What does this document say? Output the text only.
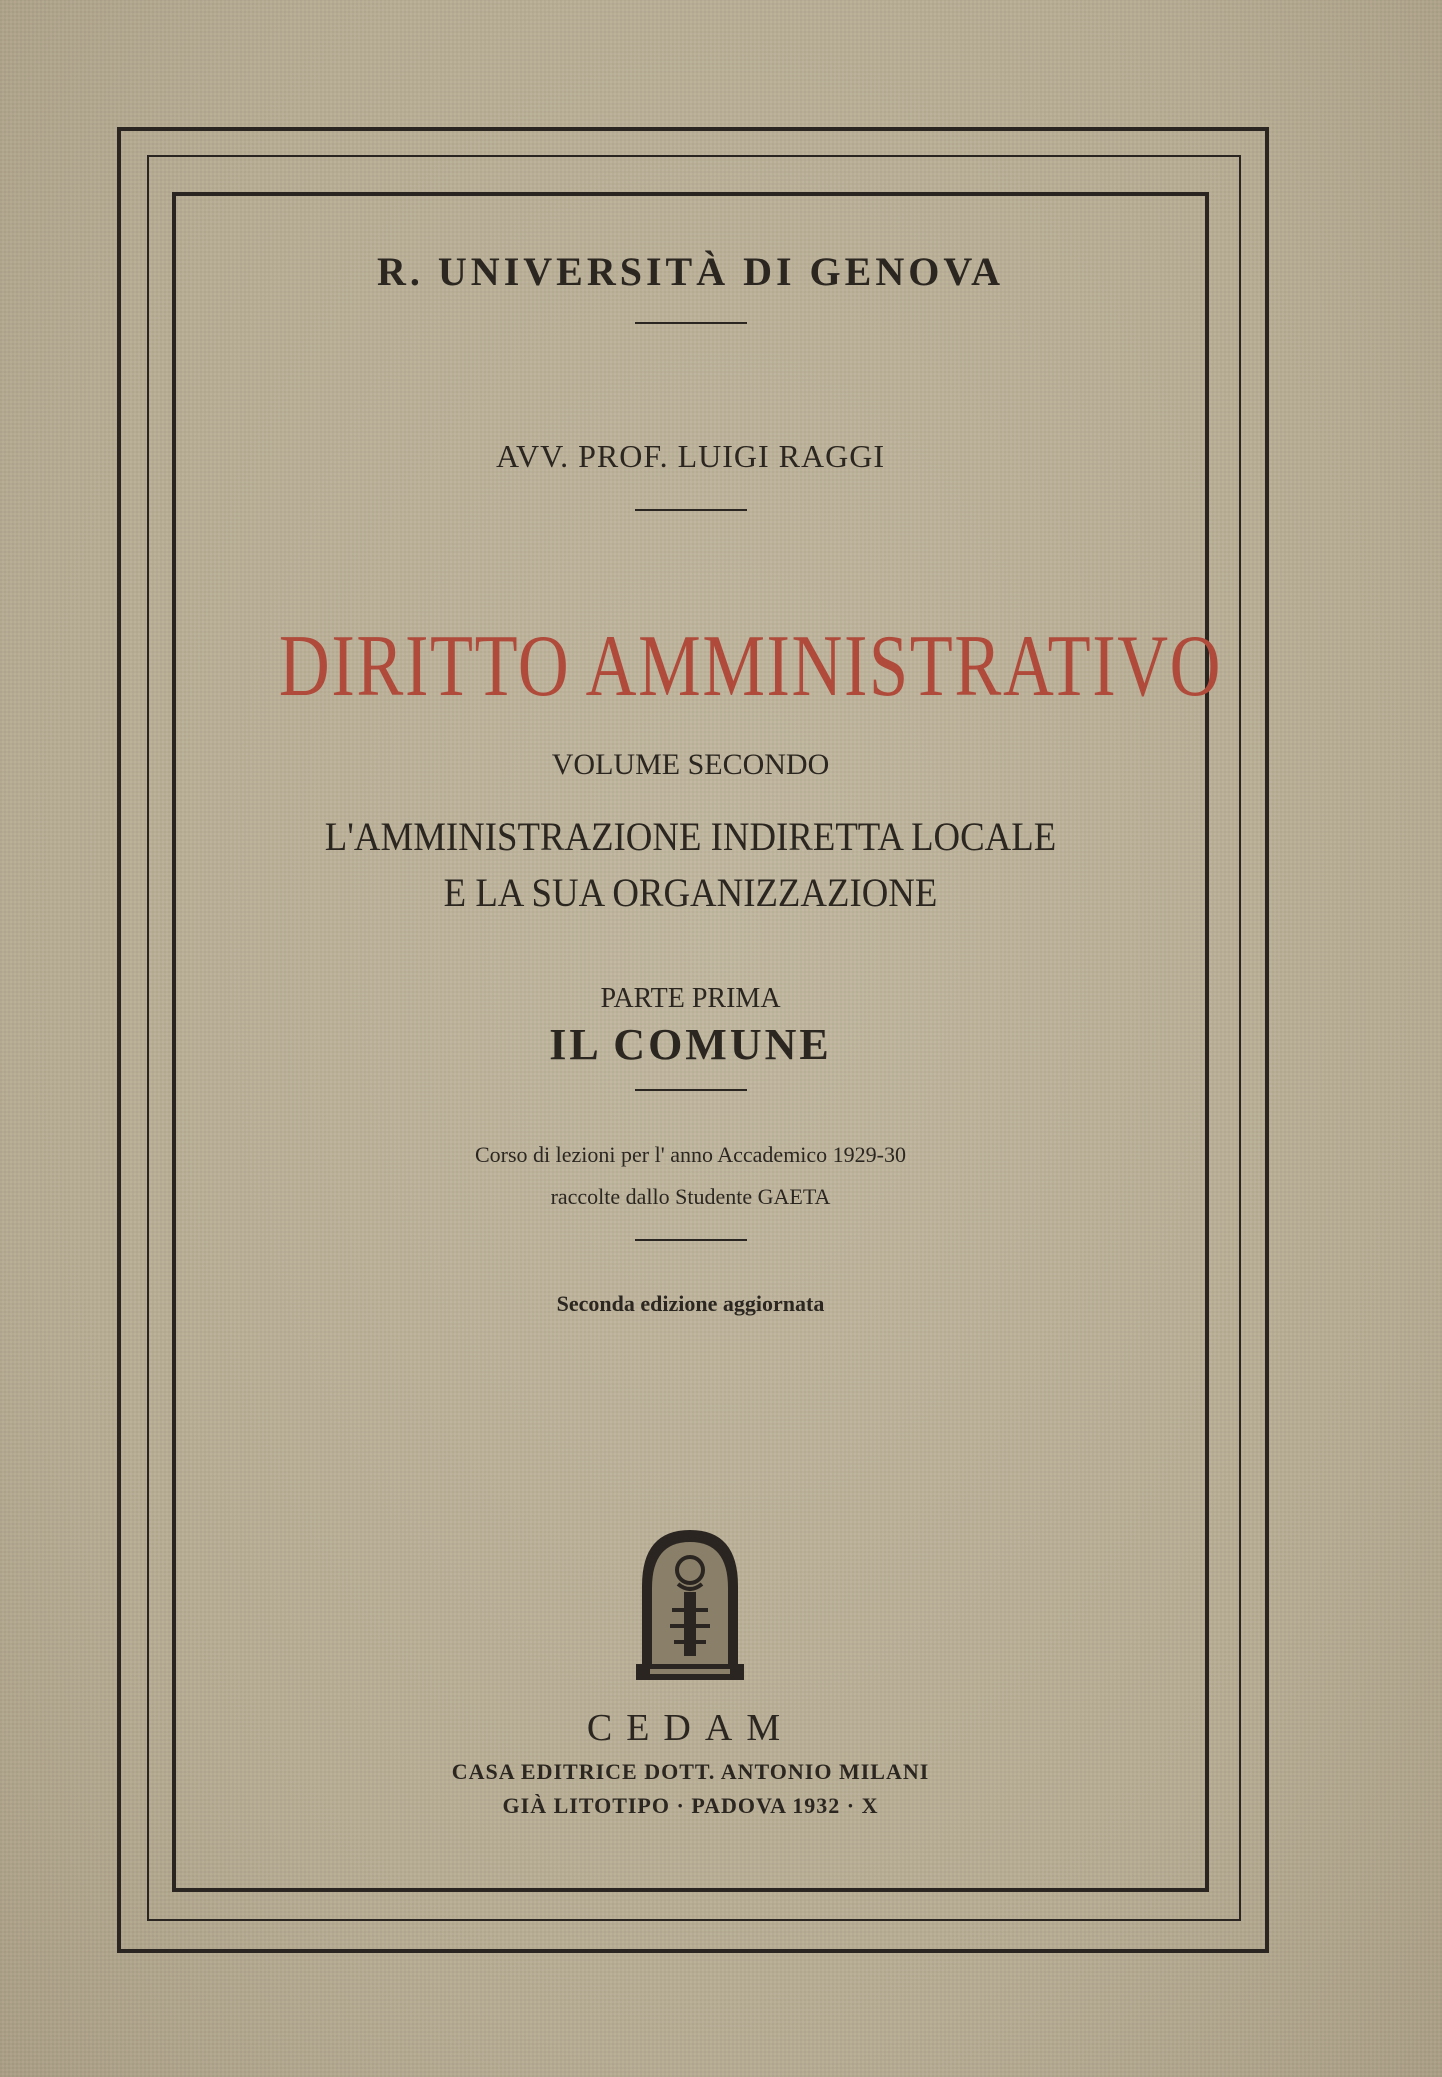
R. UNIVERSITÀ DI GENOVA

AVV. PROF. LUIGI RAGGI

DIRITTO AMMINISTRATIVO

VOLUME SECONDO

L'AMMINISTRAZIONE INDIRETTA LOCALE

E LA SUA ORGANIZZAZIONE

PARTE PRIMA

IL COMUNE

Corso di lezioni per l' anno Accademico 1929-30

raccolte dallo Studente GAETA

Seconda edizione aggiornata

CEDAM

CASA EDITRICE DOTT. ANTONIO MILANI

GIÀ LITOTIPO · PADOVA 1932 · X
